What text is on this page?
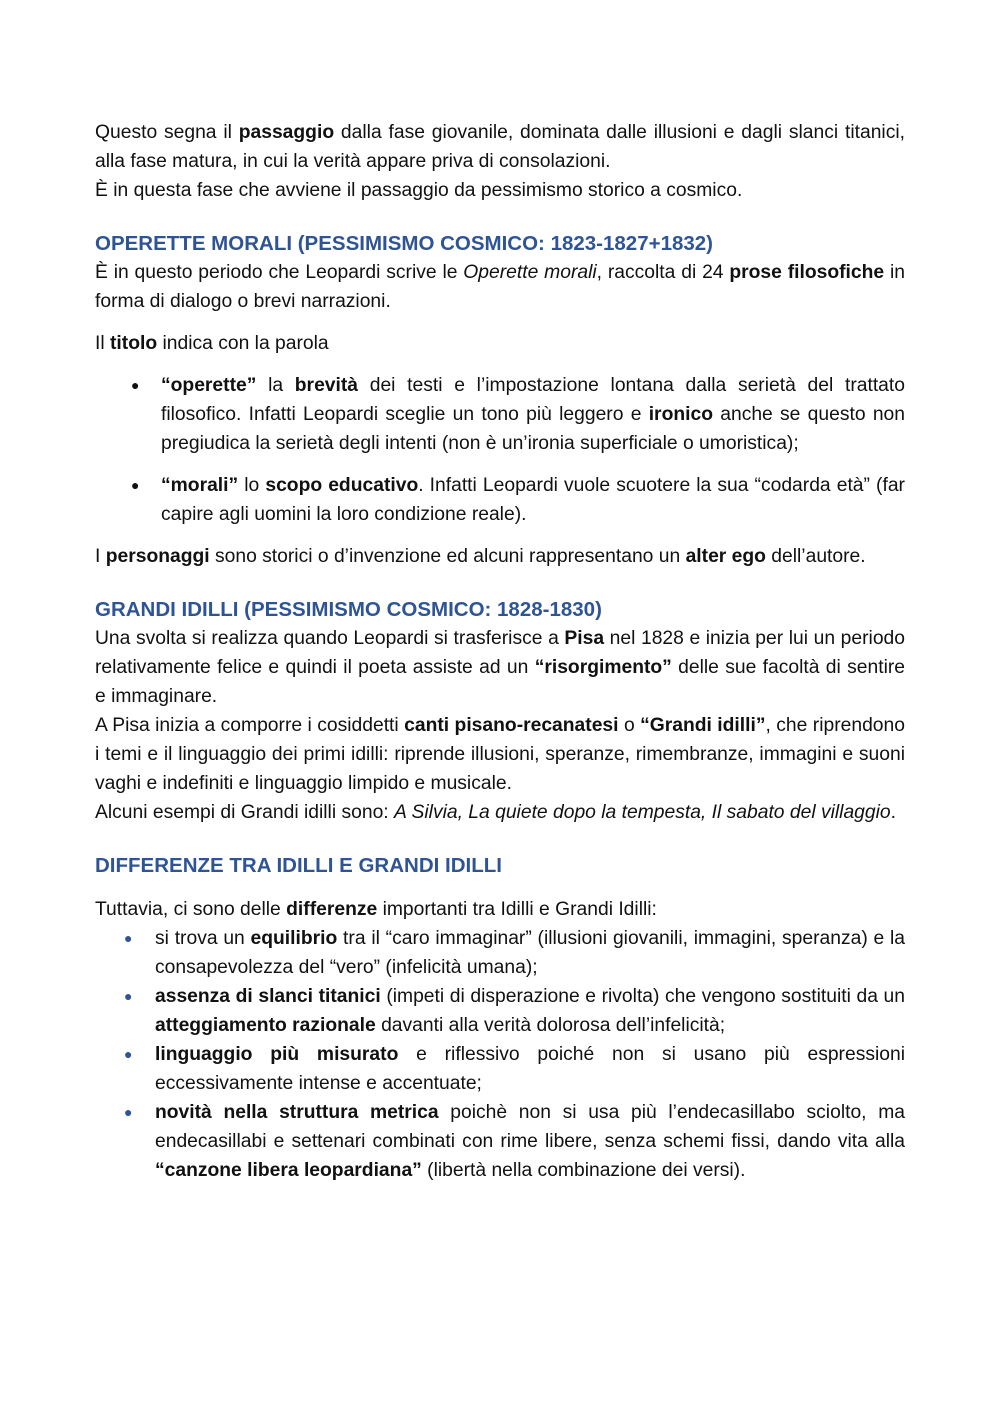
Questo segna il passaggio dalla fase giovanile, dominata dalle illusioni e dagli slanci titanici, alla fase matura, in cui la verità appare priva di consolazioni.

È in questa fase che avviene il passaggio da pessimismo storico a cosmico.

OPERETTE MORALI (PESSIMISMO COSMICO: 1823-1827+1832)

È in questo periodo che Leopardi scrive le Operette morali, raccolta di 24 prose filosofiche in forma di dialogo o brevi narrazioni.

Il titolo indica con la parola

● “operette” la brevità dei testi e l’impostazione lontana dalla serietà del trattato filosofico. Infatti Leopardi sceglie un tono più leggero e ironico anche se questo non pregiudica la serietà degli intenti (non è un’ironia superficiale o umoristica);
● “morali” lo scopo educativo. Infatti Leopardi vuole scuotere la sua “codarda età” (far capire agli uomini la loro condizione reale).

I personaggi sono storici o d’invenzione ed alcuni rappresentano un alter ego dell’autore.

GRANDI IDILLI (PESSIMISMO COSMICO: 1828-1830)

Una svolta si realizza quando Leopardi si trasferisce a Pisa nel 1828 e inizia per lui un periodo relativamente felice e quindi il poeta assiste ad un “risorgimento” delle sue facoltà di sentire e immaginare.

A Pisa inizia a comporre i cosiddetti canti pisano-recanatesi o “Grandi idilli”, che riprendono i temi e il linguaggio dei primi idilli: riprende illusioni, speranze, rimembranze, immagini e suoni vaghi e indefiniti e linguaggio limpido e musicale.

Alcuni esempi di Grandi idilli sono: A Silvia, La quiete dopo la tempesta, Il sabato del villaggio.

DIFFERENZE TRA IDILLI E GRANDI IDILLI

Tuttavia, ci sono delle differenze importanti tra Idilli e Grandi Idilli:

● si trova un equilibrio tra il “caro immaginar” (illusioni giovanili, immagini, speranza) e la consapevolezza del “vero” (infelicità umana);
● assenza di slanci titanici (impeti di disperazione e rivolta) che vengono sostituiti da un atteggiamento razionale davanti alla verità dolorosa dell’infelicità;
● linguaggio più misurato e riflessivo poiché non si usano più espressioni eccessivamente intense e accentuate;
● novità nella struttura metrica poichè non si usa più l’endecasillabo sciolto, ma endecasillabi e settenari combinati con rime libere, senza schemi fissi, dando vita alla “canzone libera leopardiana” (libertà nella combinazione dei versi).
